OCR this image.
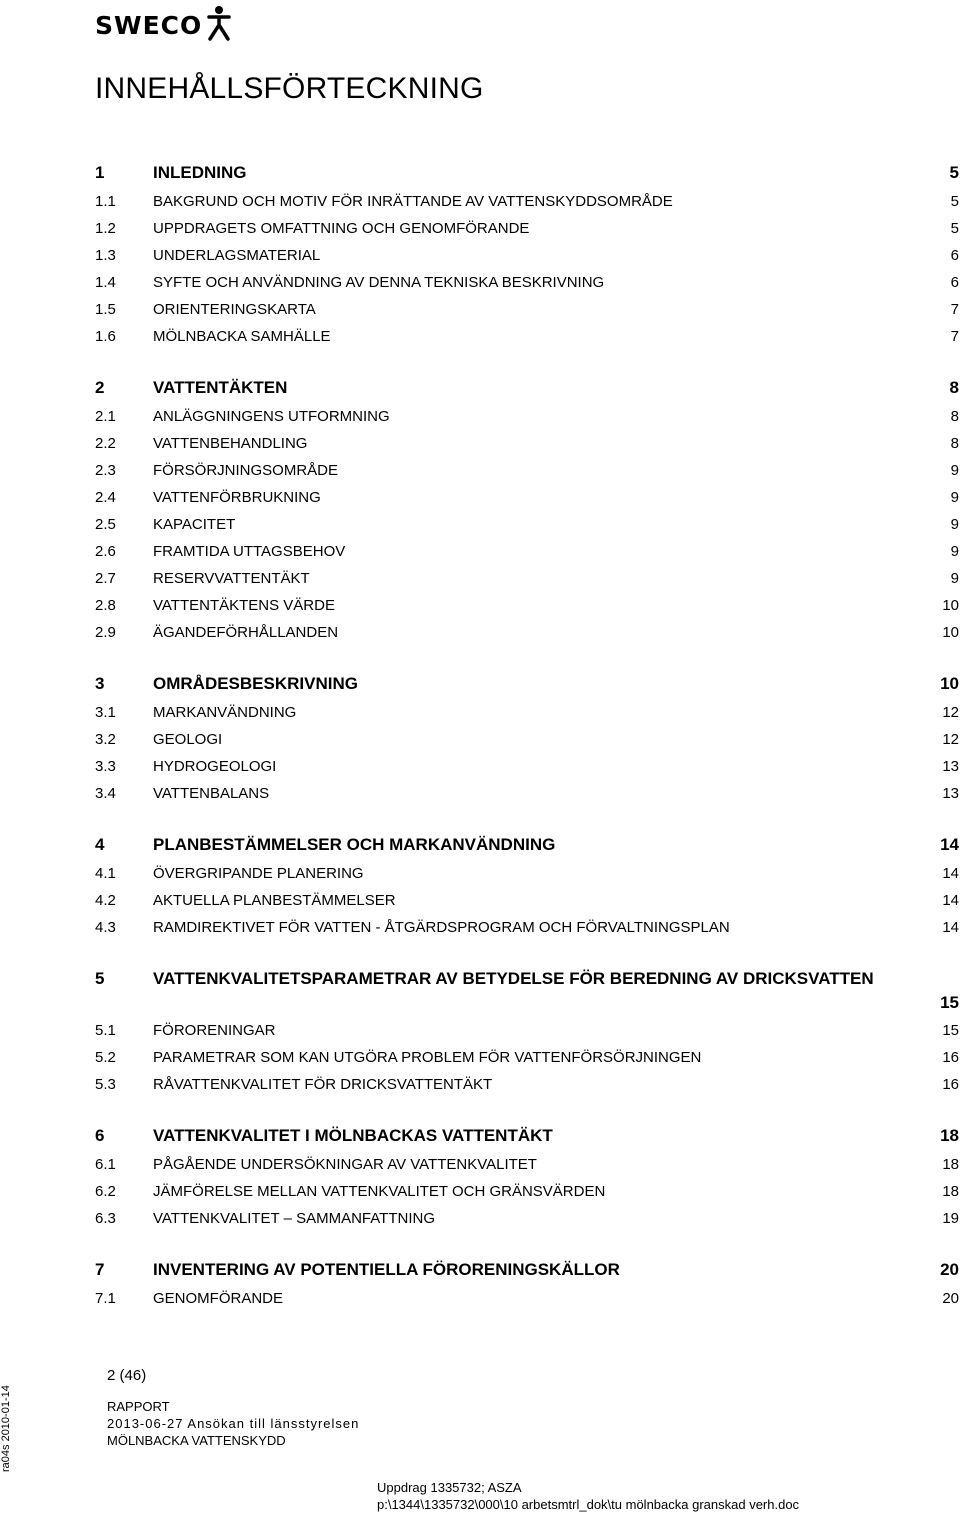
SWECO
INNEHÅLLSFÖRTECKNING
1	INLEDNING	5
1.1 BAKGRUND OCH MOTIV FÖR INRÄTTANDE AV VATTENSKYDDSOMRÅDE	5
1.2 UPPDRAGETS OMFATTNING OCH GENOMFÖRANDE	5
1.3 UNDERLAGSMATERIAL	6
1.4 SYFTE OCH ANVÄNDNING AV DENNA TEKNISKA BESKRIVNING	6
1.5 ORIENTERINGSKARTA	7
1.6 MÖLNBACKA SAMHÄLLE	7
2	VATTENTÄKTEN	8
2.1 ANLÄGGNINGENS UTFORMNING	8
2.2 VATTENBEHANDLING	8
2.3 FÖRSÖRJNINGSOMRÅDE	9
2.4 VATTENFÖRBRUKNING	9
2.5 KAPACITET	9
2.6 FRAMTIDA UTTAGSBEHOV	9
2.7 RESERVVATTENTÄKT	9
2.8 VATTENTÄKTENS VÄRDE	10
2.9 ÄGANDEFÖRHÅLLANDEN	10
3	OMRÅDESBESKRIVNING	10
3.1 MARKANVÄNDNING	12
3.2 GEOLOGI	12
3.3 HYDROGEOLOGI	13
3.4 VATTENBALANS	13
4	PLANBESTÄMMELSER OCH MARKANVÄNDNING	14
4.1 ÖVERGRIPANDE PLANERING	14
4.2 AKTUELLA PLANBESTÄMMELSER	14
4.3 RAMDIREKTIVET FÖR VATTEN - ÅTGÄRDSPROGRAM OCH FÖRVALTNINGSPLAN	14
5	VATTENKVALITETSPARAMETRAR AV BETYDELSE FÖR BEREDNING AV DRICKSVATTEN
15
5.1 FÖRORENINGAR	15
5.2 PARAMETRAR SOM KAN UTGÖRA PROBLEM FÖR VATTENFÖRSÖRJNINGEN	16
5.3 RÅVATTENKVALITET FÖR DRICKSVATTENTÄKT	16
6	VATTENKVALITET I MÖLNBACKAS VATTENTÄKT	18
6.1 PÅGÅENDE UNDERSÖKNINGAR AV VATTENKVALITET	18
6.2 JÄMFÖRELSE MELLAN VATTENKVALITET OCH GRÄNSVÄRDEN	18
6.3 VATTENKVALITET – SAMMANFATTNING	19
7	INVENTERING AV POTENTIELLA FÖRORENINGSKÄLLOR	20
7.1 GENOMFÖRANDE	20
2 (46)
RAPPORT
2013-06-27 Ansökan till länsstyrelsen
MÖLNBACKA VATTENSKYDD
Uppdrag 1335732; ASZA
p:\1344\1335732\000\10 arbetsmtrl_dok\tu mölnbacka granskad verh.doc
ra04s 2010-01-14
